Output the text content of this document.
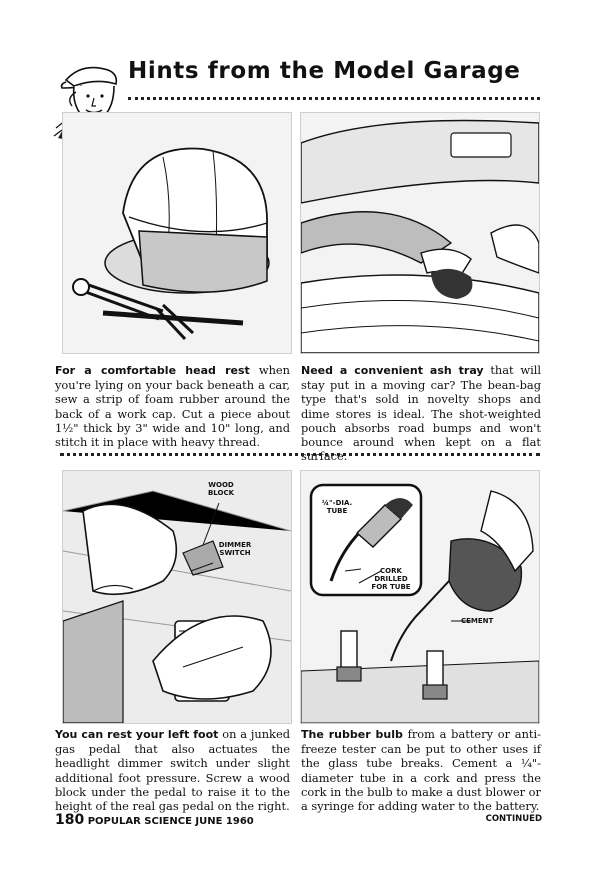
Hints from the Model Garage
For a comfortable head rest when you're lying on your back beneath a car, sew a strip of foam rubber around the back of a work cap. Cut a piece about 1½" thick by 3" wide and 10" long, and stitch it in place with heavy thread.
Need a convenient ash tray that will stay put in a moving car? The bean-bag type that's sold in novelty shops and dime stores is ideal. The shot-weighted pouch absorbs road bumps and won't bounce around when kept on a flat surface.
WOOD BLOCK
DIMMER SWITCH
¼"-DIA. TUBE
CORK DRILLED FOR TUBE
CEMENT
You can rest your left foot on a junked gas pedal that also actuates the headlight dimmer switch under slight additional foot pressure. Screw a wood block under the pedal to raise it to the height of the real gas pedal on the right.
The rubber bulb from a battery or anti-freeze tester can be put to other uses if the glass tube breaks. Cement a ¼"-diameter tube in a cork and press the cork in the bulb to make a dust blower or a syringe for adding water to the battery.
180 POPULAR SCIENCE JUNE 1960	CONTINUED
